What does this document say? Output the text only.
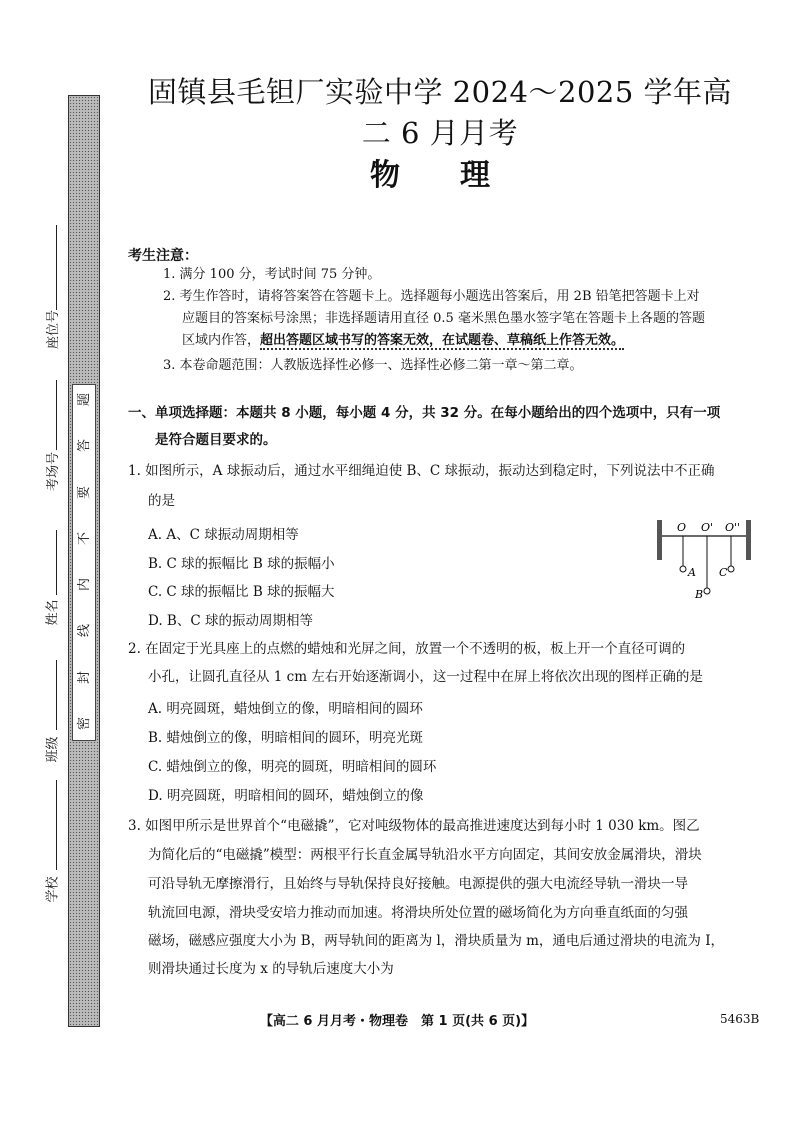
密
封
线
内
不
要
答
题
座位号
考场号
姓名
班级
学校
固镇县毛钽厂实验中学 2024～2025 学年高二 6 月月考
物理
考生注意：
1. 满分 100 分，考试时间 75 分钟。
2. 考生作答时，请将答案答在答题卡上。选择题每小题选出答案后，用 2B 铅笔把答题卡上对
应题目的答案标号涂黑；非选择题请用直径 0.5 毫米黑色墨水签字笔在答题卡上各题的答题
区域内作答，超出答题区域书写的答案无效，在试题卷、草稿纸上作答无效。
3. 本卷命题范围：人教版选择性必修一、选择性必修二第一章～第二章。
一、单项选择题：本题共 8 小题，每小题 4 分，共 32 分。在每小题给出的四个选项中，只有一项
是符合题目要求的。
1. 如图所示，A 球振动后，通过水平细绳迫使 B、C 球振动，振动达到稳定时，下列说法中不正确
的是
A. A、C 球振动周期相等
B. C 球的振幅比 B 球的振幅小
C. C 球的振幅比 B 球的振幅大
D. B、C 球的振动周期相等
O O' O''
A C
B
2. 在固定于光具座上的点燃的蜡烛和光屏之间，放置一个不透明的板，板上开一个直径可调的
小孔，让圆孔直径从 1 cm 左右开始逐渐调小，这一过程中在屏上将依次出现的图样正确的是
A. 明亮圆斑，蜡烛倒立的像，明暗相间的圆环
B. 蜡烛倒立的像，明暗相间的圆环，明亮光斑
C. 蜡烛倒立的像，明亮的圆斑，明暗相间的圆环
D. 明亮圆斑，明暗相间的圆环，蜡烛倒立的像
3. 如图甲所示是世界首个“电磁撬”，它对吨级物体的最高推进速度达到每小时 1 030 km。图乙
为简化后的“电磁撬”模型：两根平行长直金属导轨沿水平方向固定，其间安放金属滑块，滑块
可沿导轨无摩擦滑行，且始终与导轨保持良好接触。电源提供的强大电流经导轨一滑块一导
轨流回电源，滑块受安培力推动而加速。将滑块所处位置的磁场简化为方向垂直纸面的匀强
磁场，磁感应强度大小为 B，两导轨间的距离为 l，滑块质量为 m，通电后通过滑块的电流为 I，
则滑块通过长度为 x 的导轨后速度大小为
【高二 6 月月考・物理卷　第 1 页(共 6 页)】	5463B
